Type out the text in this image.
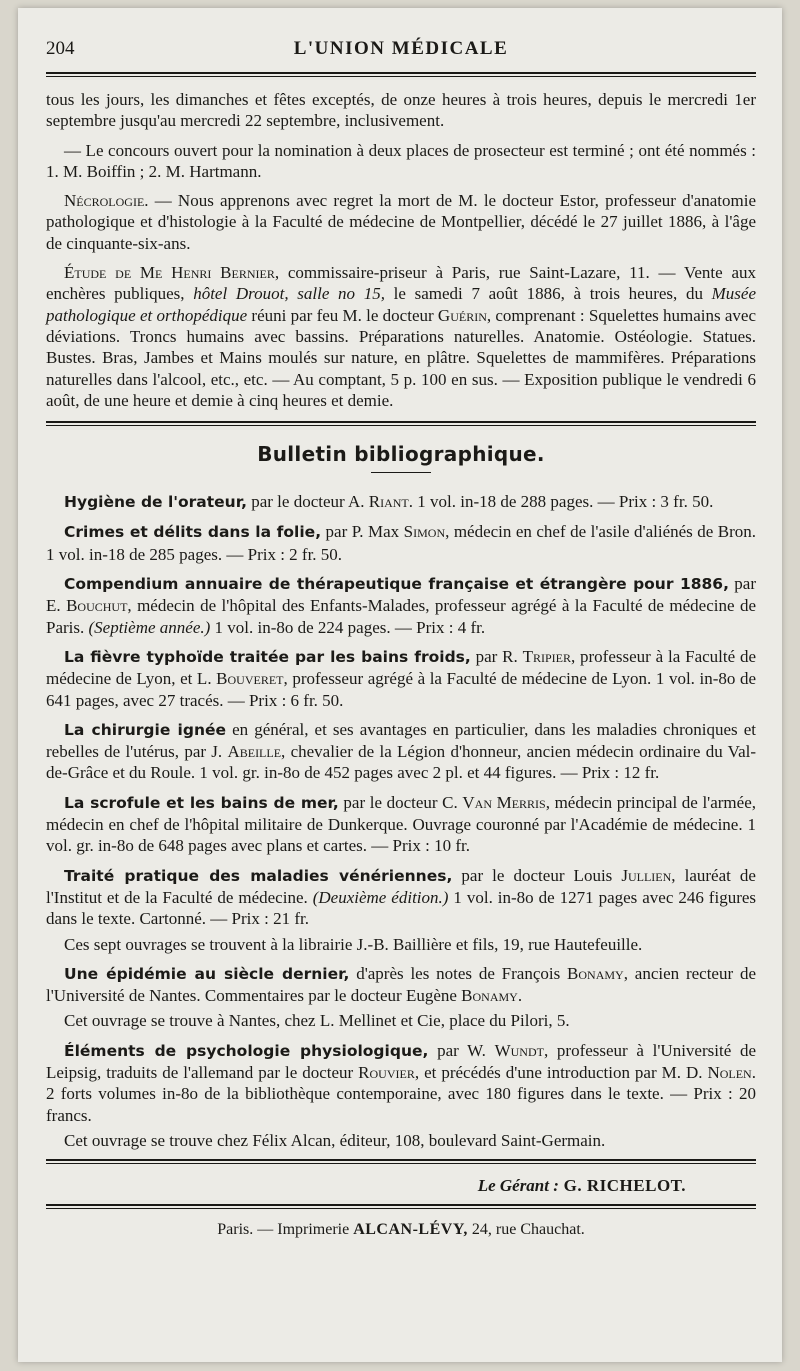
204	L'UNION MÉDICALE

tous les jours, les dimanches et fêtes exceptés, de onze heures à trois heures, depuis le mercredi 1er septembre jusqu'au mercredi 22 septembre, inclusivement.

— Le concours ouvert pour la nomination à deux places de prosecteur est terminé ; ont été nommés : 1. M. Boiffin ; 2. M. Hartmann.

Nécrologie. — Nous apprenons avec regret la mort de M. le docteur Estor, professeur d'anatomie pathologique et d'histologie à la Faculté de médecine de Montpellier, décédé le 27 juillet 1886, à l'âge de cinquante-six-ans.

Étude de Me Henri Bernier, commissaire-priseur à Paris, rue Saint-Lazare, 11. — Vente aux enchères publiques, hôtel Drouot, salle no 15, le samedi 7 août 1886, à trois heures, du Musée pathologique et orthopédique réuni par feu M. le docteur Guérin, comprenant : Squelettes humains avec déviations. Troncs humains avec bassins. Préparations naturelles. Anatomie. Ostéologie. Statues. Bustes. Bras, Jambes et Mains moulés sur nature, en plâtre. Squelettes de mammifères. Préparations naturelles dans l'alcool, etc., etc. — Au comptant, 5 p. 100 en sus. — Exposition publique le vendredi 6 août, de une heure et demie à cinq heures et demie.

Bulletin bibliographique.

Hygiène de l'orateur, par le docteur A. Riant. 1 vol. in-18 de 288 pages. — Prix : 3 fr. 50.

Crimes et délits dans la folie, par P. Max Simon, médecin en chef de l'asile d'aliénés de Bron. 1 vol. in-18 de 285 pages. — Prix : 2 fr. 50.

Compendium annuaire de thérapeutique française et étrangère pour 1886, par E. Bouchut, médecin de l'hôpital des Enfants-Malades, professeur agrégé à la Faculté de médecine de Paris. (Septième année.) 1 vol. in-8o de 224 pages. — Prix : 4 fr.

La fièvre typhoïde traitée par les bains froids, par R. Tripier, professeur à la Faculté de médecine de Lyon, et L. Bouveret, professeur agrégé à la Faculté de médecine de Lyon. 1 vol. in-8o de 641 pages, avec 27 tracés. — Prix : 6 fr. 50.

La chirurgie ignée en général, et ses avantages en particulier, dans les maladies chroniques et rebelles de l'utérus, par J. Abeille, chevalier de la Légion d'honneur, ancien médecin ordinaire du Val-de-Grâce et du Roule. 1 vol. gr. in-8o de 452 pages avec 2 pl. et 44 figures. — Prix : 12 fr.

La scrofule et les bains de mer, par le docteur C. Van Merris, médecin principal de l'armée, médecin en chef de l'hôpital militaire de Dunkerque. Ouvrage couronné par l'Académie de médecine. 1 vol. gr. in-8o de 648 pages avec plans et cartes. — Prix : 10 fr.

Traité pratique des maladies vénériennes, par le docteur Louis Jullien, lauréat de l'Institut et de la Faculté de médecine. (Deuxième édition.) 1 vol. in-8o de 1271 pages avec 246 figures dans le texte. Cartonné. — Prix : 21 fr.

Ces sept ouvrages se trouvent à la librairie J.-B. Baillière et fils, 19, rue Hautefeuille.

Une épidémie au siècle dernier, d'après les notes de François Bonamy, ancien recteur de l'Université de Nantes. Commentaires par le docteur Eugène Bonamy.

Cet ouvrage se trouve à Nantes, chez L. Mellinet et Cie, place du Pilori, 5.

Éléments de psychologie physiologique, par W. Wundt, professeur à l'Université de Leipsig, traduits de l'allemand par le docteur Rouvier, et précédés d'une introduction par M. D. Nolen. 2 forts volumes in-8o de la bibliothèque contemporaine, avec 180 figures dans le texte. — Prix : 20 francs.

Cet ouvrage se trouve chez Félix Alcan, éditeur, 108, boulevard Saint-Germain.

Le Gérant : G. RICHELOT.
Paris. — Imprimerie ALCAN-LÉVY, 24, rue Chauchat.
